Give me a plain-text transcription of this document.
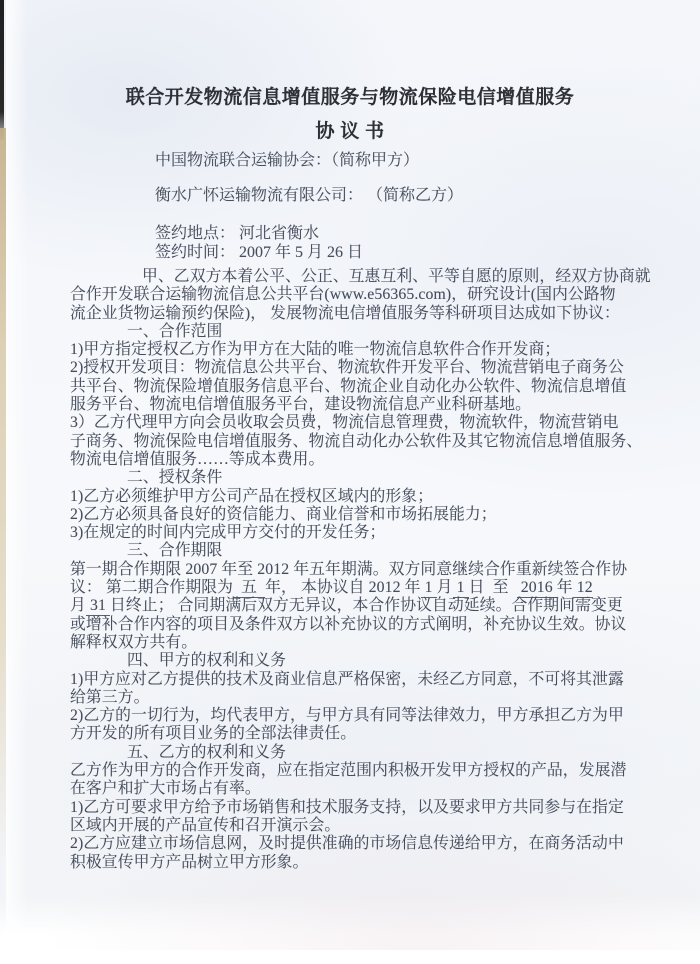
联合开发物流信息增值服务与物流保险电信增值服务
协 议 书
中国物流联合运输协会：（简称甲方）
衡水广怀运输物流有限公司： （简称乙方）
签约地点： 河北省衡水
签约时间： 2007 年 5 月 26 日
甲、乙双方本着公平、公正、互惠互利、平等自愿的原则，经双方协商就
合作开发联合运输物流信息公共平台(www.e56365.com)，研究设计(国内公路物
流企业货物运输预约保险)， 发展物流电信增值服务等科研项目达成如下协议：
一、合作范围
1)甲方指定授权乙方作为甲方在大陆的唯一物流信息软件合作开发商；
2)授权开发项目：物流信息公共平台、物流软件开发平台、物流营销电子商务公
共平台、物流保险增值服务信息平台、物流企业自动化办公软件、物流信息增值
服务平台、物流电信增值服务平台，建设物流信息产业科研基地。
3）乙方代理甲方向会员收取会员费，物流信息管理费，物流软件，物流营销电
子商务、物流保险电信增值服务、物流自动化办公软件及其它物流信息增值服务、
物流电信增值服务……等成本费用。
二、授权条件
1)乙方必须维护甲方公司产品在授权区域内的形象；
2)乙方必须具备良好的资信能力、商业信誉和市场拓展能力；
3)在规定的时间内完成甲方交付的开发任务；
三、合作期限
第一期合作期限 2007 年至 2012 年五年期满。双方同意继续合作重新续签合作协
议： 第二期合作期限为  五  年， 本协议自 2012 年 1 月 1 日  至   2016 年 12
月 31 日终止； 合同期满后双方无异议，本合作协议自动延续。合作期间需变更
或增补合作内容的项目及条件双方以补充协议的方式阐明，补充协议生效。协议
解释权双方共有。
四、甲方的权利和义务
1)甲方应对乙方提供的技术及商业信息严格保密，未经乙方同意，不可将其泄露
给第三方。
2)乙方的一切行为，均代表甲方，与甲方具有同等法律效力，甲方承担乙方为甲
方开发的所有项目业务的全部法律责任。
五、乙方的权利和义务
乙方作为甲方的合作开发商，应在指定范围内积极开发甲方授权的产品，发展潜
在客户和扩大市场占有率。
1)乙方可要求甲方给予市场销售和技术服务支持，以及要求甲方共同参与在指定
区域内开展的产品宣传和召开演示会。
2)乙方应建立市场信息网，及时提供准确的市场信息传递给甲方，在商务活动中
积极宣传甲方产品树立甲方形象。
